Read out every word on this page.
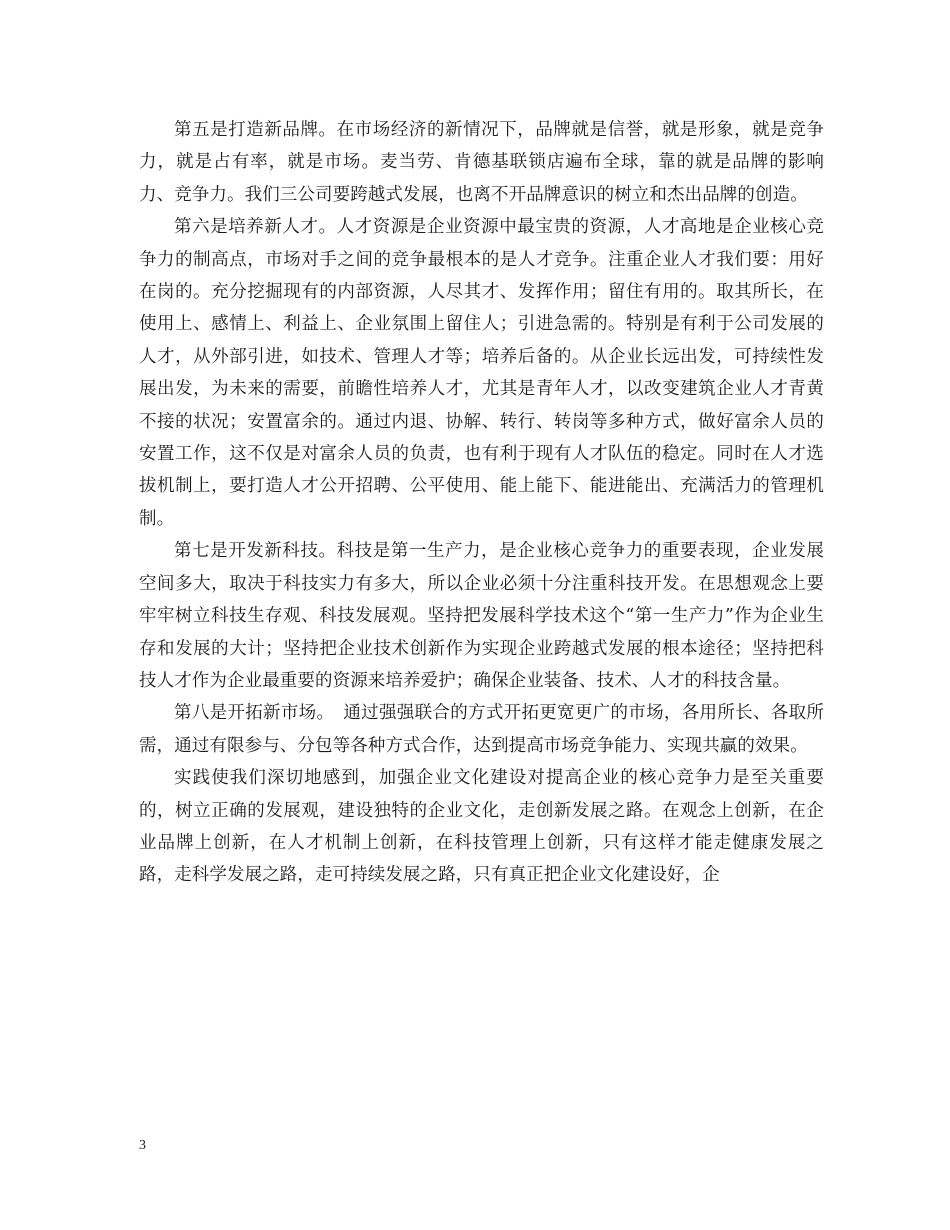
第五是打造新品牌。在市场经济的新情况下，品牌就是信誉，就是形象，就是竞争力，就是占有率，就是市场。麦当劳、肯德基联锁店遍布全球，靠的就是品牌的影响力、竞争力。我们三公司要跨越式发展，也离不开品牌意识的树立和杰出品牌的创造。

第六是培养新人才。人才资源是企业资源中最宝贵的资源，人才高地是企业核心竞争力的制高点，市场对手之间的竞争最根本的是人才竞争。注重企业人才我们要：用好在岗的。充分挖掘现有的内部资源，人尽其才、发挥作用；留住有用的。取其所长，在使用上、感情上、利益上、企业氛围上留住人；引进急需的。特别是有利于公司发展的人才，从外部引进，如技术、管理人才等；培养后备的。从企业长远出发，可持续性发展出发，为未来的需要，前瞻性培养人才，尤其是青年人才，以改变建筑企业人才青黄不接的状况；安置富余的。通过内退、协解、转行、转岗等多种方式，做好富余人员的安置工作，这不仅是对富余人员的负责，也有利于现有人才队伍的稳定。同时在人才选拔机制上，要打造人才公开招聘、公平使用、能上能下、能进能出、充满活力的管理机制。

第七是开发新科技。科技是第一生产力，是企业核心竞争力的重要表现，企业发展空间多大，取决于科技实力有多大，所以企业必须十分注重科技开发。在思想观念上要牢牢树立科技生存观、科技发展观。坚持把发展科学技术这个“第一生产力”作为企业生存和发展的大计；坚持把企业技术创新作为实现企业跨越式发展的根本途径；坚持把科技人才作为企业最重要的资源来培养爱护；确保企业装备、技术、人才的科技含量。

第八是开拓新市场。　通过强强联合的方式开拓更宽更广的市场，各用所长、各取所需，通过有限参与、分包等各种方式合作，达到提高市场竞争能力、实现共赢的效果。

实践使我们深切地感到，加强企业文化建设对提高企业的核心竞争力是至关重要的，树立正确的发展观，建设独特的企业文化，走创新发展之路。在观念上创新，在企业品牌上创新，在人才机制上创新，在科技管理上创新，只有这样才能走健康发展之路，走科学发展之路，走可持续发展之路，只有真正把企业文化建设好，企

3
